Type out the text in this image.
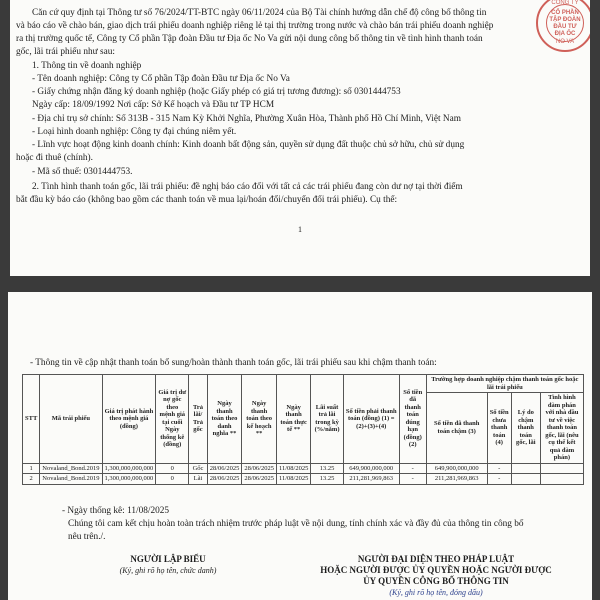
CÔNG TY
CỔ PHẦN
TẬP ĐOÀN
ĐẦU TƯ
ĐỊA ỐC
NO VA
Căn cứ quy định tại Thông tư số 76/2024/TT-BTC ngày 06/11/2024 của Bộ Tài chính hướng dẫn chế độ công bố thông tin
và báo cáo về chào bán, giao dịch trái phiếu doanh nghiệp riêng lẻ tại thị trường trong nước và chào bán trái phiếu doanh nghiệp
ra thị trường quốc tế, Công ty Cổ phần Tập đoàn Đầu tư Địa ốc No Va gửi nội dung công bố thông tin về tình hình thanh toán
gốc, lãi trái phiếu như sau:
1. Thông tin về doanh nghiệp
- Tên doanh nghiệp: Công ty Cổ phần Tập đoàn Đầu tư Địa ốc No Va
- Giấy chứng nhận đăng ký doanh nghiệp (hoặc Giấy phép có giá trị tương đương): số 0301444753
Ngày cấp: 18/09/1992 Nơi cấp: Sở Kế hoạch và Đầu tư TP HCM
- Địa chỉ trụ sở chính: Số 313B - 315 Nam Kỳ Khởi Nghĩa, Phường Xuân Hòa, Thành phố Hồ Chí Minh, Việt Nam
- Loại hình doanh nghiệp: Công ty đại chúng niêm yết.
- Lĩnh vực hoạt động kinh doanh chính: Kinh doanh bất động sản, quyền sử dụng đất thuộc chủ sở hữu, chủ sử dụng
hoặc đi thuê (chính).
- Mã số thuế: 0301444753.
2. Tình hình thanh toán gốc, lãi trái phiếu: đề nghị báo cáo đối với tất cả các trái phiếu đang còn dư nợ tại thời điểm
bắt đầu kỳ báo cáo (không bao gồm các thanh toán về mua lại/hoán đổi/chuyển đổi trái phiếu). Cụ thể:
1
- Thông tin về cập nhật thanh toán bổ sung/hoàn thành thanh toán gốc, lãi trái phiếu sau khi chậm thanh toán:
STT	Mã trái phiếu	Giá trị phát hành theo mệnh giá (đồng)	Giá trị dư nợ gốc theo mệnh giá tại cuối Ngày thống kê (đồng)	Trả lãi/ Trả gốc	Ngày thanh toán theo danh nghĩa **	Ngày thanh toán theo kế hoạch **	Ngày thanh toán thực tế **	Lãi suất trả lãi trong kỳ (%/năm)	Số tiền phải thanh toán (đồng) (1) = (2)+(3)+(4)	Số tiền đã thanh toán đúng hạn (đồng) (2)	Trường hợp doanh nghiệp chậm thanh toán gốc hoặc lãi trái phiếu			
											Số tiền đã thanh toán chậm (3)	Số tiền chưa thanh toán (4)	Lý do chậm thanh toán gốc, lãi	Tình hình đàm phán với nhà đầu tư về việc thanh toán gốc, lãi (nêu cụ thể kết quả đàm phán)
1	Novaland_Bond.2019	1,300,000,000,000	0	Gốc	28/06/2025	28/06/2025	11/08/2025	13.25	649,900,000,000	-	649,900,000,000	-		
2	Novaland_Bond.2019	1,300,000,000,000	0	Lãi	28/06/2025	28/06/2025	11/08/2025	13.25	211,281,969,863	-	211,281,969,863	-		
- Ngày thống kê: 11/08/2025
Chúng tôi cam kết chịu hoàn toàn trách nhiệm trước pháp luật về nội dung, tính chính xác và đầy đủ của thông tin công bố
nêu trên./.
NGƯỜI LẬP BIỂU
(Ký, ghi rõ họ tên, chức danh)
NGƯỜI ĐẠI DIỆN THEO PHÁP LUẬT
HOẶC NGƯỜI ĐƯỢC ỦY QUYỀN HOẶC NGƯỜI ĐƯỢC
ỦY QUYỀN CÔNG BỐ THÔNG TIN
(Ký, ghi rõ họ tên, đóng dấu)
